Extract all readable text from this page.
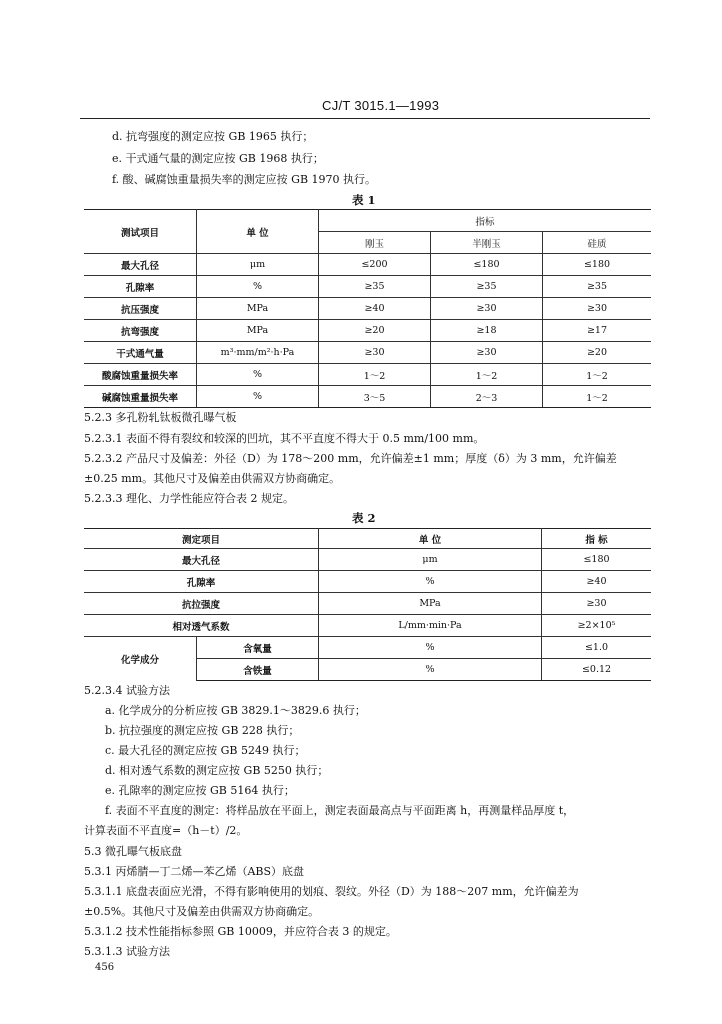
CJ/T 3015.1—1993
d. 抗弯强度的测定应按 GB 1965 执行；
e. 干式通气量的测定应按 GB 1968 执行；
f. 酸、碱腐蚀重量损失率的测定应按 GB 1970 执行。
表 1
测试项目	单 位	指标		
		刚玉	半刚玉	硅质
最大孔径	μm	≤200	≤180	≤180
孔隙率	%	≥35	≥35	≥35
抗压强度	MPa	≥40	≥30	≥30
抗弯强度	MPa	≥20	≥18	≥17
干式通气量	m³·mm/m²·h·Pa	≥30	≥30	≥20
酸腐蚀重量损失率	%	1～2	1～2	1～2
碱腐蚀重量损失率	%	3～5	2～3	1～2
5.2.3 多孔粉轧钛板微孔曝气板
5.2.3.1 表面不得有裂纹和较深的凹坑，其不平直度不得大于 0.5 mm/100 mm。
5.2.3.2 产品尺寸及偏差：外径（D）为 178～200 mm，允许偏差±1 mm；厚度（δ）为 3 mm，允许偏差
±0.25 mm。其他尺寸及偏差由供需双方协商确定。
5.2.3.3 理化、力学性能应符合表 2 规定。
表 2
测定项目		单 位	指 标
最大孔径		μm	≤180
孔隙率		%	≥40
抗拉强度		MPa	≥30
相对透气系数		L/mm·min·Pa	≥2×10⁵
化学成分	含氧量	%	≤1.0
	含铁量	%	≤0.12
5.2.3.4 试验方法
a. 化学成分的分析应按 GB 3829.1～3829.6 执行；
b. 抗拉强度的测定应按 GB 228 执行；
c. 最大孔径的测定应按 GB 5249 执行；
d. 相对透气系数的测定应按 GB 5250 执行；
e. 孔隙率的测定应按 GB 5164 执行；
f. 表面不平直度的测定：将样品放在平面上，测定表面最高点与平面距离 h，再测量样品厚度 t，
计算表面不平直度=（h－t）/2。
5.3 微孔曝气板底盘
5.3.1 丙烯腈—丁二烯—苯乙烯（ABS）底盘
5.3.1.1 底盘表面应光滑，不得有影响使用的划痕、裂纹。外径（D）为 188～207 mm，允许偏差为
±0.5%。其他尺寸及偏差由供需双方协商确定。
5.3.1.2 技术性能指标参照 GB 10009，并应符合表 3 的规定。
5.3.1.3 试验方法
456
